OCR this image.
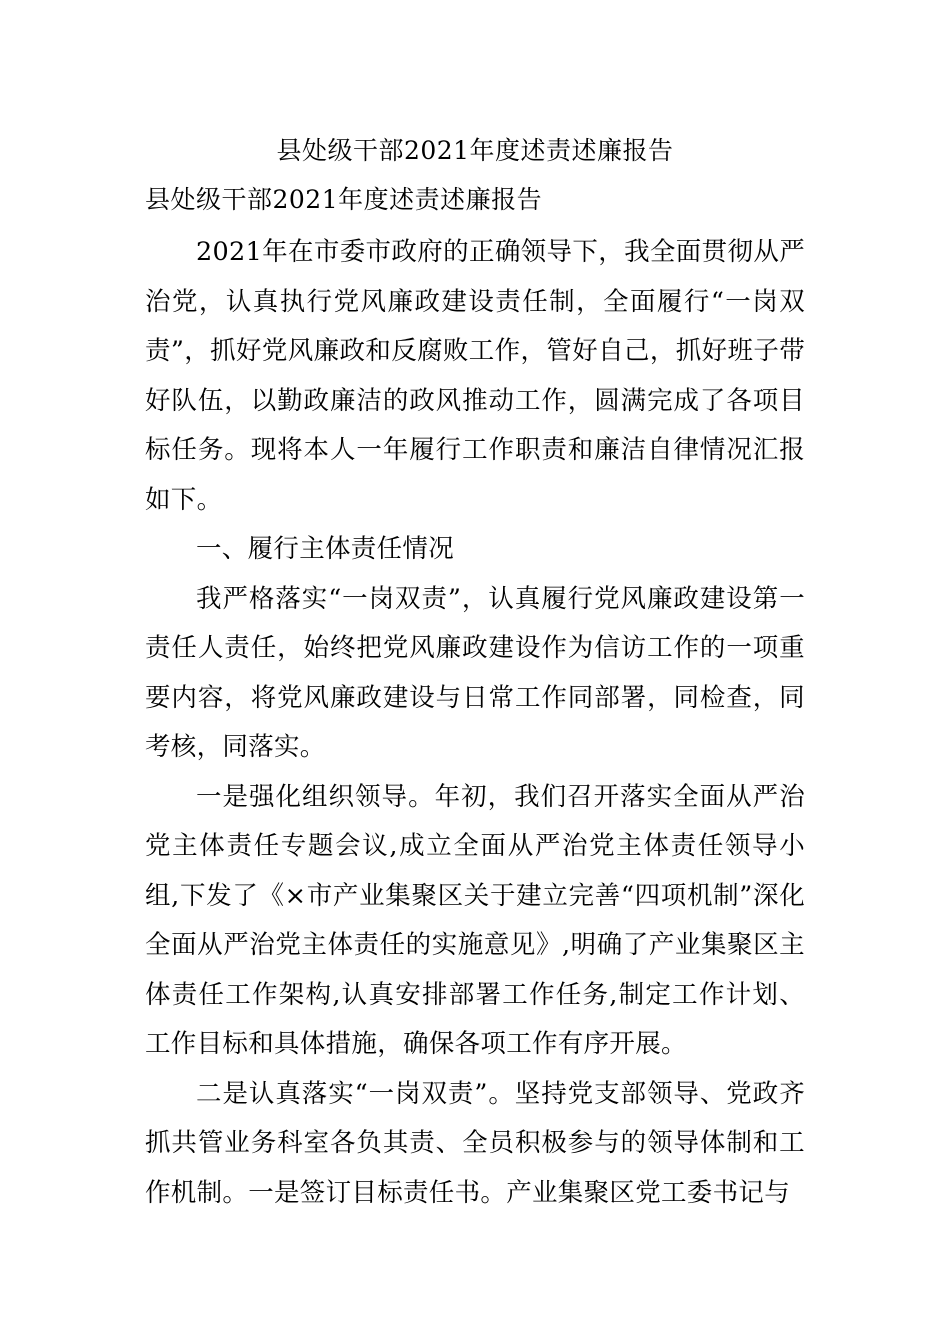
县处级干部2021年度述责述廉报告
县处级干部2021年度述责述廉报告

2021年在市委市政府的正确领导下，我全面贯彻从严治党，认真执行党风廉政建设责任制，全面履行“一岗双责”，抓好党风廉政和反腐败工作，管好自己，抓好班子带好队伍，以勤政廉洁的政风推动工作，圆满完成了各项目标任务。现将本人一年履行工作职责和廉洁自律情况汇报如下。

一、履行主体责任情况

我严格落实“一岗双责”，认真履行党风廉政建设第一责任人责任，始终把党风廉政建设作为信访工作的一项重要内容，将党风廉政建设与日常工作同部署，同检查，同考核，同落实。

一是强化组织领导。年初，我们召开落实全面从严治党主体责任专题会议,成立全面从严治党主体责任领导小组,下发了《×市产业集聚区关于建立完善“四项机制”深化全面从严治党主体责任的实施意见》,明确了产业集聚区主体责任工作架构,认真安排部署工作任务,制定工作计划、工作目标和具体措施，确保各项工作有序开展。

二是认真落实“一岗双责”。坚持党支部领导、党政齐抓共管业务科室各负其责、全员积极参与的领导体制和工作机制。一是签订目标责任书。产业集聚区党工委书记与
